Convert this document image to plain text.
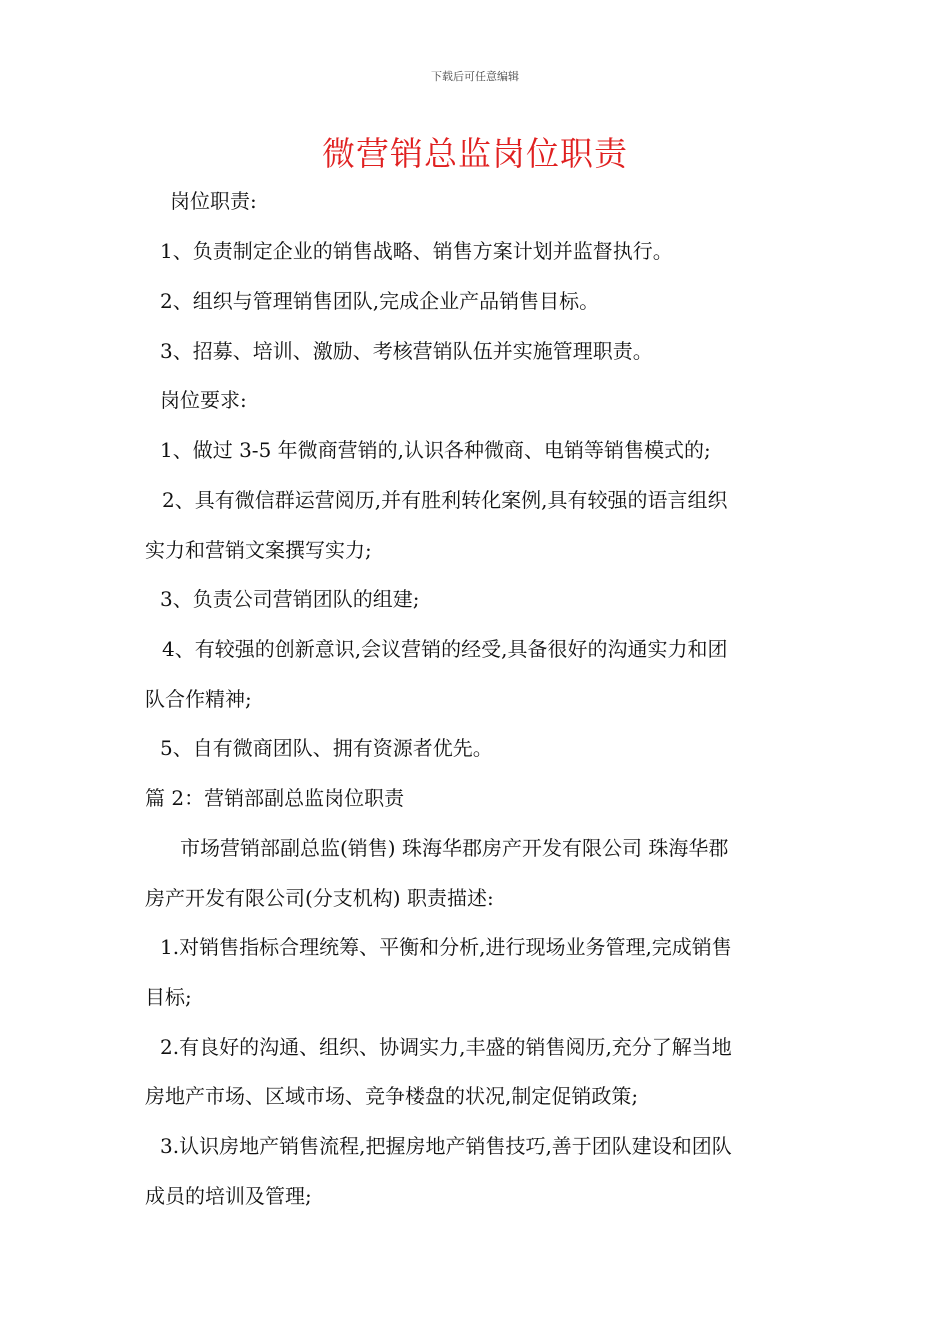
下载后可任意编辑
微营销总监岗位职责
岗位职责:
1、负责制定企业的销售战略、销售方案计划并监督执行。
2、组织与管理销售团队,完成企业产品销售目标。
3、招募、培训、激励、考核营销队伍并实施管理职责。
岗位要求:
1、做过 3-5 年微商营销的,认识各种微商、电销等销售模式的;
2、具有微信群运营阅历,并有胜利转化案例,具有较强的语言组织
实力和营销文案撰写实力;
3、负责公司营销团队的组建;
4、有较强的创新意识,会议营销的经受,具备很好的沟通实力和团
队合作精神;
5、自有微商团队、拥有资源者优先。
篇 2：营销部副总监岗位职责
市场营销部副总监(销售) 珠海华郡房产开发有限公司 珠海华郡
房产开发有限公司(分支机构) 职责描述:
1.对销售指标合理统筹、平衡和分析,进行现场业务管理,完成销售
目标;
2.有良好的沟通、组织、协调实力,丰盛的销售阅历,充分了解当地
房地产市场、区域市场、竞争楼盘的状况,制定促销政策;
3.认识房地产销售流程,把握房地产销售技巧,善于团队建设和团队
成员的培训及管理;
